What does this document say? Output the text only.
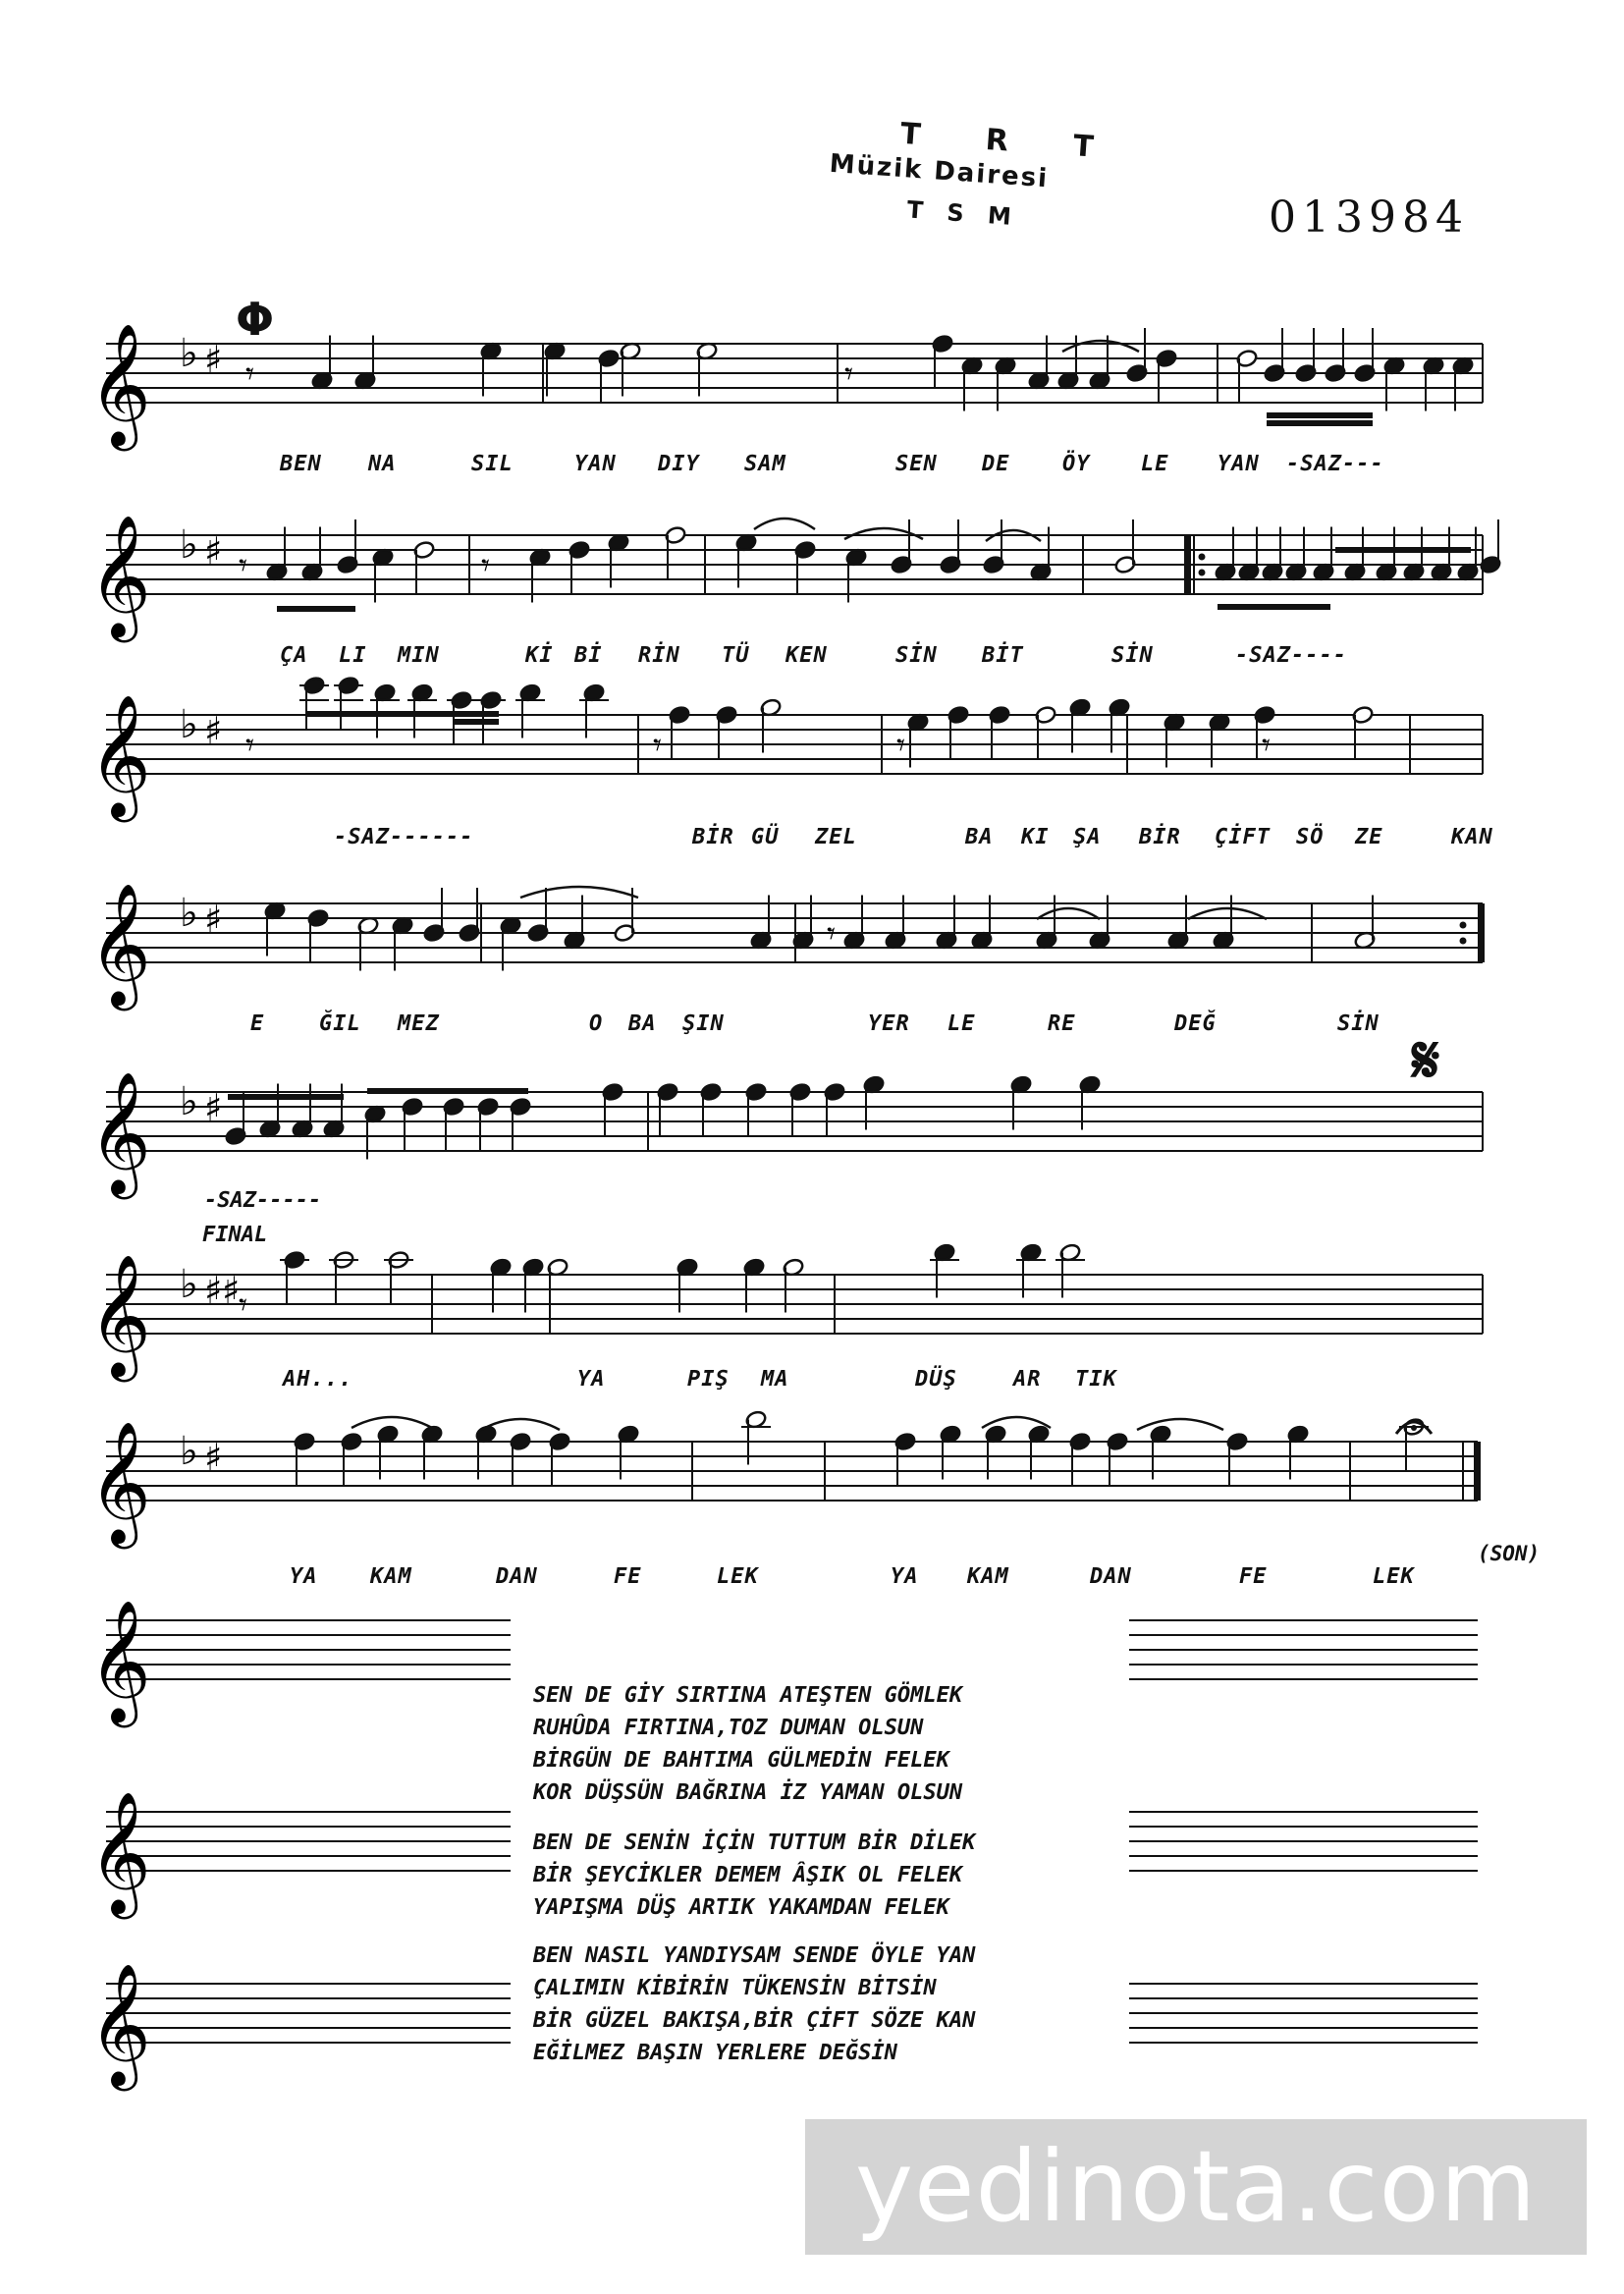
T R T
Müzik Dairesi
T S M	013984
𝄞 ♭ ♯
𝄞 ♭ ♯
𝄞 ♭ ♯
𝄞 ♭ ♯
𝄞 ♭ ♯
𝄞 ♭ ♯ ♯
𝄞 ♭ ♯
𝄞
𝄞
𝄞
𝄾	𝄾
𝄾	𝄾
𝄾	𝄾	𝄾	𝄾
𝄾
𝄾
Φ
𝄋
-SAZ-----
FINAL
BEN NA	SIL	YAN DIY SAM	SEN DE ÖY LE YAN -SAZ---
ÇA LI MIN	Kİ Bİ RİN TÜ KEN	SİN BİT	SİN	-SAZ----
-SAZ------	BİR GÜ ZEL	BA KI ŞA BİR ÇİFT SÖ ZE	KAN
E	ĞIL MEZ	O BA ŞIN	YER LE	RE	DEĞ	SİN
AH...	YA	PIŞ MA	DÜŞ	AR TIK
YA KAM	DAN	FE	LEK	YA KAM	DAN	FE	LEK
(SON)
SEN DE GİY SIRTINA ATEŞTEN GÖMLEK
RUHÛDA FIRTINA,TOZ DUMAN OLSUN
BİRGÜN DE BAHTIMA GÜLMEDİN FELEK
KOR DÜŞSÜN BAĞRINA İZ YAMAN OLSUN
BEN DE SENİN İÇİN TUTTUM BİR DİLEK
BİR ŞEYCİKLER DEMEM ÂŞIK OL FELEK
YAPIŞMA DÜŞ ARTIK YAKAMDAN FELEK
BEN NASIL YANDIYSAM SENDE ÖYLE YAN
ÇALIMIN KİBİRİN TÜKENSİN BİTSİN
BİR GÜZEL BAKIŞA,BİR ÇİFT SÖZE KAN
EĞİLMEZ BAŞIN YERLERE DEĞSİN
yedinota.com
